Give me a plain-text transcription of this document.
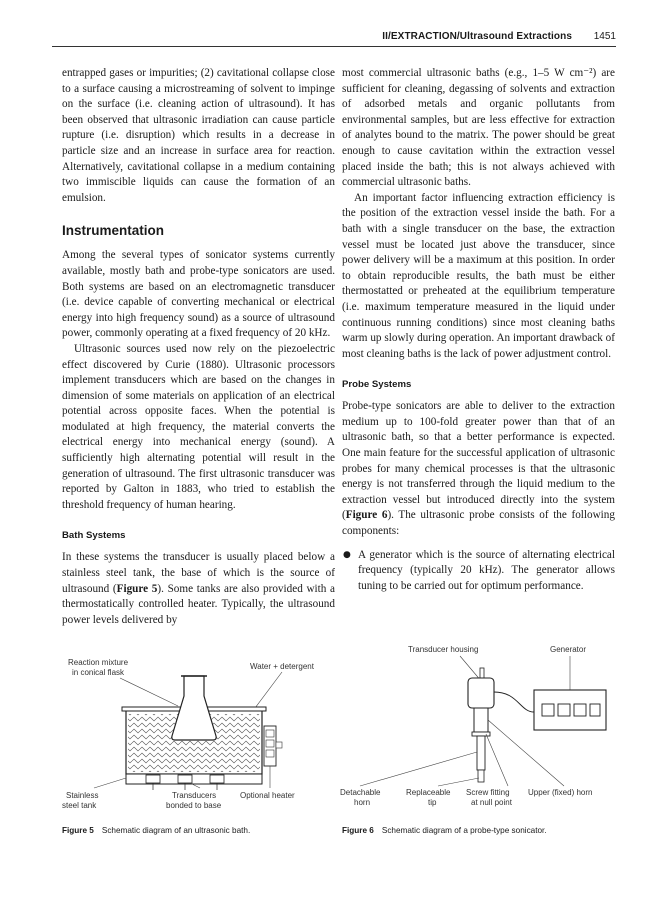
II/EXTRACTION/Ultrasound Extractions 1451

entrapped gases or impurities; (2) cavitational collapse close to a surface causing a microstreaming of solvent to impinge on the surface (i.e. cleaning action of ultrasound). It has been observed that ultrasonic irradiation can cause particle rupture (i.e. disruption) which results in a decrease in particle size and an increase in surface area for reaction. Alternatively, cavitational collapse in a medium containing two immiscible liquids can cause the formation of an emulsion.

Instrumentation

Among the several types of sonicator systems currently available, mostly bath and probe-type sonicators are used. Both systems are based on an electromagnetic transducer (i.e. device capable of converting mechanical or electrical energy into high frequency sound) as a source of ultrasound power, commonly operating at a fixed frequency of 20 kHz.

Ultrasonic sources used now rely on the piezoelectric effect discovered by Curie (1880). Ultrasonic processors implement transducers which are based on the changes in dimension of some materials on application of an electrical potential across opposite faces. When the potential is modulated at high frequency, the material converts the electrical energy into mechanical energy (sound). A sufficiently high alternating potential will result in the generation of ultrasound. The first ultrasonic transducer was reported by Galton in 1883, who tried to establish the threshold frequency of human hearing.

Bath Systems

In these systems the transducer is usually placed below a stainless steel tank, the base of which is the source of ultrasound (Figure 5). Some tanks are also provided with a thermostatically controlled heater. Typically, the ultrasound power levels delivered by

most commercial ultrasonic baths (e.g., 1–5 W cm⁻²) are sufficient for cleaning, degassing of solvents and extraction of adsorbed metals and organic pollutants from environmental samples, but are less effective for extraction of analytes bound to the matrix. The power should be great enough to cause cavitation within the extraction vessel placed inside the bath; this is not always achieved with commercial ultrasonic baths.

An important factor influencing extraction efficiency is the position of the extraction vessel inside the bath. For a bath with a single transducer on the base, the extraction vessel must be located just above the transducer, since power delivery will be a maximum at this position. In order to obtain reproducible results, the bath must be either thermostatted or preheated at the equilibrium temperature (i.e. maximum temperature measured in the liquid under continuous running conditions) since most cleaning baths warm up slowly during operation. An important drawback of most cleaning baths is the lack of power adjustment control.

Probe Systems

Probe-type sonicators are able to deliver to the extraction medium up to 100-fold greater power than that of an ultrasonic bath, so that a better performance is expected. One main feature for the successful application of ultrasonic probes for many chemical processes is that the ultrasonic energy is not transferred through the liquid medium to the extraction vessel but introduced directly into the system (Figure 6). The ultrasonic probe consists of the following components:

● A generator which is the source of alternating electrical frequency (typically 20 kHz). The generator allows tuning to be carried out for optimum performance.

Reaction mixture
in conical flask
Water + detergent
Stainless
steel tank
Transducers
bonded to base
Optional heater
Transducer housing	Generator
Detachable
horn
Replaceable
tip
Screw fitting
at null point
Upper (fixed) horn
Figure 5 Schematic diagram of an ultrasonic bath.	Figure 6 Schematic diagram of a probe-type sonicator.
